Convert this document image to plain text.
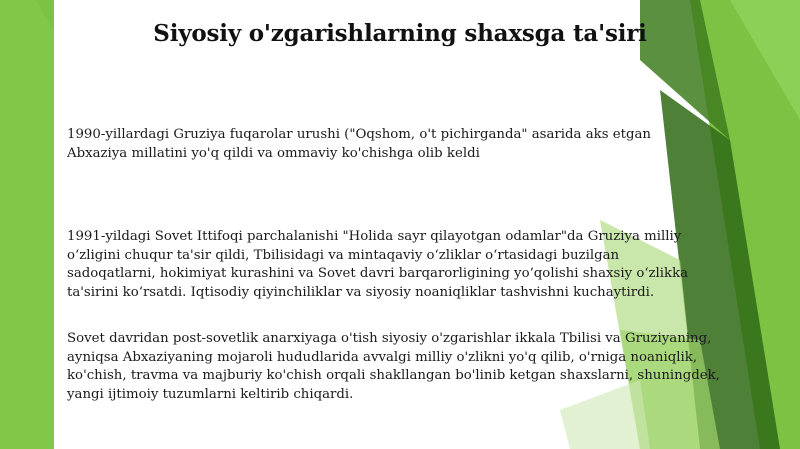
Siyosiy o'zgarishlarning shaxsga ta'siri
1990-yillardagi Gruziya fuqarolar urushi ("Oqshom, o't pichirganda" asarida aks etgan
Abxaziya millatini yo'q qildi va ommaviy ko'chishga olib keldi
1991-yildagi Sovet Ittifoqi parchalanishi "Holida sayr qilayotgan odamlar"da Gruziya milliy
o‘zligini chuqur ta'sir qildi, Tbilisidagi va mintaqaviy o‘zliklar o‘rtasidagi buzilgan
sadoqatlarni, hokimiyat kurashini va Sovet davri barqarorligining yo‘qolishi shaxsiy o‘zlikka
ta'sirini ko‘rsatdi. Iqtisodiy qiyinchiliklar va siyosiy noaniqliklar tashvishni kuchaytirdi.
Sovet davridan post-sovetlik anarxiyaga o'tish siyosiy o'zgarishlar ikkala Tbilisi va Gruziyaning,
ayniqsa Abxaziyaning mojaroli hududlarida avvalgi milliy o'zlikni yo'q qilib, o'rniga noaniqlik,
ko'chish, travma va majburiy ko'chish orqali shakllangan bo'linib ketgan shaxslarni, shuningdek,
yangi ijtimoiy tuzumlarni keltirib chiqardi.
